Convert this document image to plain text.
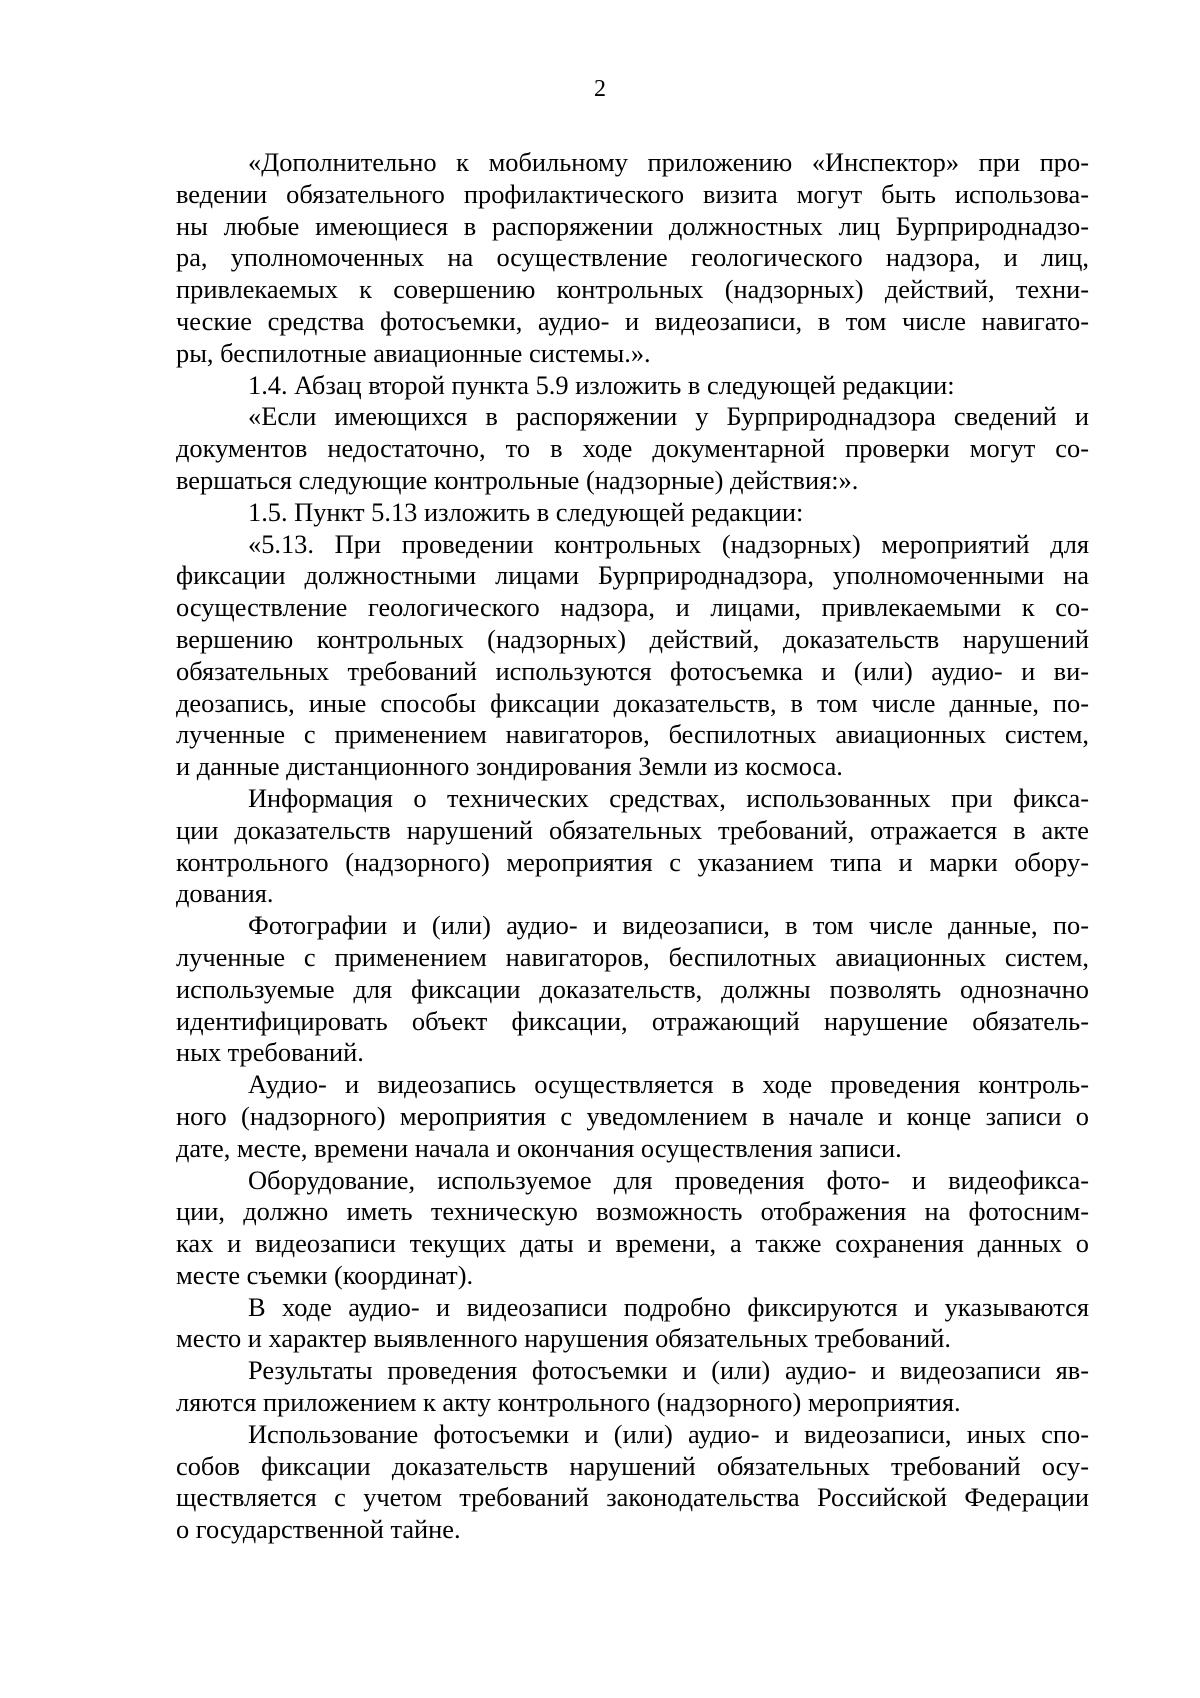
2
«Дополнительно к мобильному приложению «Инспектор» при про-
ведении обязательного профилактического визита могут быть использова-
ны любые имеющиеся в распоряжении должностных лиц Бурприроднадзо-
ра, уполномоченных на осуществление геологического надзора, и лиц,
привлекаемых к совершению контрольных (надзорных) действий, техни-
ческие средства фотосъемки, аудио- и видеозаписи, в том числе навигато-
ры, беспилотные авиационные системы.».
1.4. Абзац второй пункта 5.9 изложить в следующей редакции:
«Если имеющихся в распоряжении у Бурприроднадзора сведений и
документов недостаточно, то в ходе документарной проверки могут со-
вершаться следующие контрольные (надзорные) действия:».
1.5. Пункт 5.13 изложить в следующей редакции:
«5.13. При проведении контрольных (надзорных) мероприятий для
фиксации должностными лицами Бурприроднадзора, уполномоченными на
осуществление геологического надзора, и лицами, привлекаемыми к со-
вершению контрольных (надзорных) действий, доказательств нарушений
обязательных требований используются фотосъемка и (или) аудио- и ви-
деозапись, иные способы фиксации доказательств, в том числе данные, по-
лученные с применением навигаторов, беспилотных авиационных систем,
и данные дистанционного зондирования Земли из космоса.
Информация о технических средствах, использованных при фикса-
ции доказательств нарушений обязательных требований, отражается в акте
контрольного (надзорного) мероприятия с указанием типа и марки обору-
дования.
Фотографии и (или) аудио- и видеозаписи, в том числе данные, по-
лученные с применением навигаторов, беспилотных авиационных систем,
используемые для фиксации доказательств, должны позволять однозначно
идентифицировать объект фиксации, отражающий нарушение обязатель-
ных требований.
Аудио- и видеозапись осуществляется в ходе проведения контроль-
ного (надзорного) мероприятия с уведомлением в начале и конце записи о
дате, месте, времени начала и окончания осуществления записи.
Оборудование, используемое для проведения фото- и видеофикса-
ции, должно иметь техническую возможность отображения на фотосним-
ках и видеозаписи текущих даты и времени, а также сохранения данных о
месте съемки (координат).
В ходе аудио- и видеозаписи подробно фиксируются и указываются
место и характер выявленного нарушения обязательных требований.
Результаты проведения фотосъемки и (или) аудио- и видеозаписи яв-
ляются приложением к акту контрольного (надзорного) мероприятия.
Использование фотосъемки и (или) аудио- и видеозаписи, иных спо-
собов фиксации доказательств нарушений обязательных требований осу-
ществляется с учетом требований законодательства Российской Федерации
о государственной тайне.
